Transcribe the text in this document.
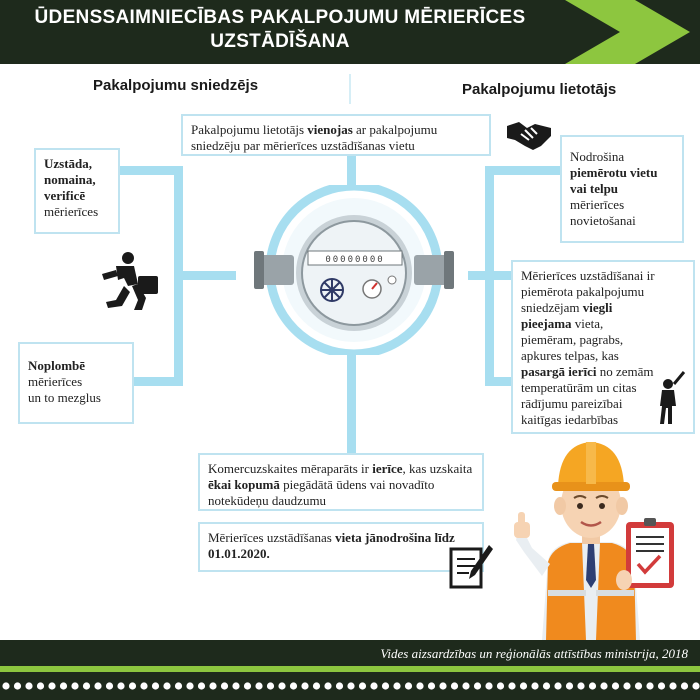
ŪDENSSAIMNIECĪBAS PAKALPOJUMU MĒRIERĪCES
UZSTĀDĪŠANA
Pakalpojumu sniedzējs	Pakalpojumu lietotājs
00000000
Pakalpojumu lietotājs vienojas ar pakalpojumu sniedzēju par mērierīces uzstādīšanas vietu
Uzstāda,
nomaina,
verificē
mērierīces
Noplombē
mērierīces
un to mezglus
Nodrošina
piemērotu vietu
vai telpu
mērierīces
novietošanai
Mērierīces uzstādīšanai ir piemērota pakalpojumu sniedzējam viegli pieejama vieta, piemēram, pagrabs, apkures telpas, kas pasargā ierīci no zemām temperatūrām un citas rādījumu pareizībai kaitīgas iedarbības
Komercuzskaites mēraparāts ir ierīce, kas uzskaita ēkai kopumā piegādātā ūdens vai novadīto notekūdeņu daudzumu
Mērierīces uzstādīšanas vieta jānodrošina līdz 01.01.2020.
Vides aizsardzības un reģionālās attīstības ministrija, 2018
